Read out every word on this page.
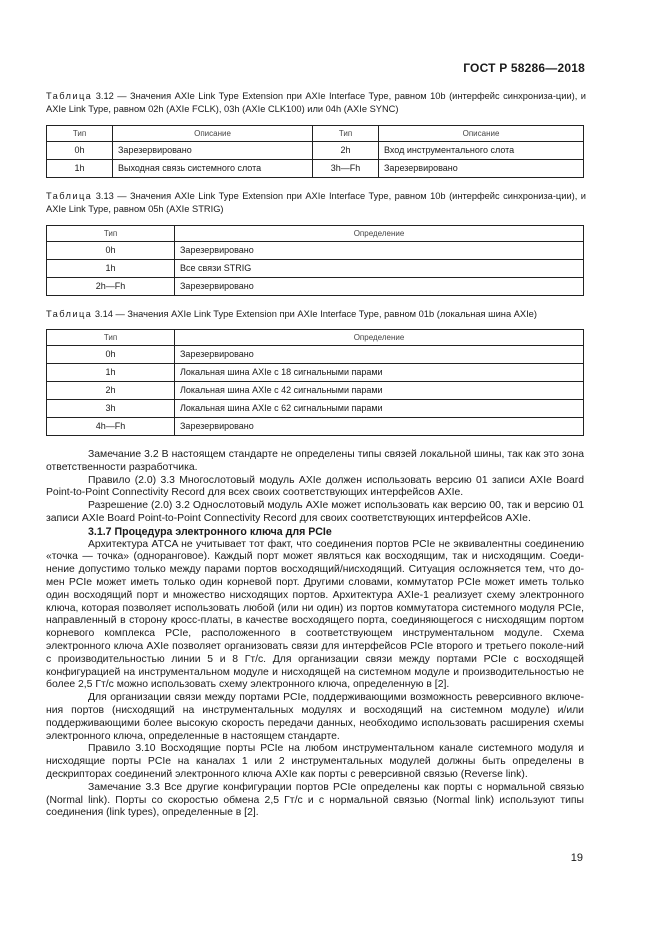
ГОСТ Р 58286—2018
Таблица 3.12 — Значения AXIe Link Type Extension при AXIe Interface Type, равном 10b (интерфейс синхрониза-ции), и AXIe Link Type, равном 02h (AXIe FCLK), 03h (AXIe CLK100) или 04h (AXIe SYNC)
Тип	Описание	Тип	Описание
0h	Зарезервировано	2h	Вход инструментального слота
1h	Выходная связь системного слота	3h—Fh	Зарезервировано
Таблица 3.13 — Значения AXIe Link Type Extension при AXIe Interface Type, равном 10b (интерфейс синхрониза-ции), и AXIe Link Type, равном 05h (AXIe STRIG)
Тип	Определение
0h	Зарезервировано
1h	Все связи STRIG
2h—Fh	Зарезервировано
Таблица 3.14 — Значения AXIe Link Type Extension при AXIe Interface Type, равном 01b (локальная шина AXIe)
Тип	Определение
0h	Зарезервировано
1h	Локальная шина AXIe с 18 сигнальными парами
2h	Локальная шина AXIe с 42 сигнальными парами
3h	Локальная шина AXIe с 62 сигнальными парами
4h—Fh	Зарезервировано

Замечание 3.2 В настоящем стандарте не определены типы связей локальной шины, так как это зона ответственности разработчика.

Правило (2.0) 3.3 Многослотовый модуль AXIe должен использовать версию 01 записи AXIe Board Point-to-Point Connectivity Record для всех своих соответствующих интерфейсов AXIe.

Разрешение (2.0) 3.2 Однослотовый модуль AXIe может использовать как версию 00, так и версию 01 записи AXIe Board Point-to-Point Connectivity Record для своих соответствующих интерфейсов AXIe.

3.1.7 Процедура электронного ключа для PCIe

Архитектура ATCA не учитывает тот факт, что соединения портов PCIe не эквивалентны соединению «точка — точка» (одноранговое). Каждый порт может являться как восходящим, так и нисходящим. Соеди-нение допустимо только между парами портов восходящий/нисходящий. Ситуация осложняется тем, что до-мен PCIe может иметь только один корневой порт. Другими словами, коммутатор PCIe может иметь только один восходящий порт и множество нисходящих портов. Архитектура AXIe-1 реализует схему электронного ключа, которая позволяет использовать любой (или ни один) из портов коммутатора системного модуля PCIe, направленный в сторону кросс-платы, в качестве восходящего порта, соединяющегося с нисходящим портом корневого комплекса PCIe, расположенного в соответствующем инструментальном модуле. Схема электронного ключа AXIe позволяет организовать связи для интерфейсов PCIe второго и третьего поколе-ний с производительностью линии 5 и 8 Гт/с. Для организации связи между портами PCIe с восходящей конфигурацией на инструментальном модуле и нисходящей на системном модуле и производительностью не более 2,5 Гт/с можно использовать схему электронного ключа, определенную в [2].

Для организации связи между портами PCIe, поддерживающими возможность реверсивного включе-ния портов (нисходящий на инструментальных модулях и восходящий на системном модуле) и/или поддерживающими более высокую скорость передачи данных, необходимо использовать расширения схемы электронного ключа, определенные в настоящем стандарте.

Правило 3.10 Восходящие порты PCIe на любом инструментальном канале системного модуля и нисходящие порты PCIe на каналах 1 или 2 инструментальных модулей должны быть определены в дескрипторах соединений электронного ключа AXIe как порты с реверсивной связью (Reverse link).

Замечание 3.3 Все другие конфигурации портов PCIe определены как порты с нормальной связью (Normal link). Порты со скоростью обмена 2,5 Гт/с и с нормальной связью (Normal link) используют типы соединения (link types), определенные в [2].

19
